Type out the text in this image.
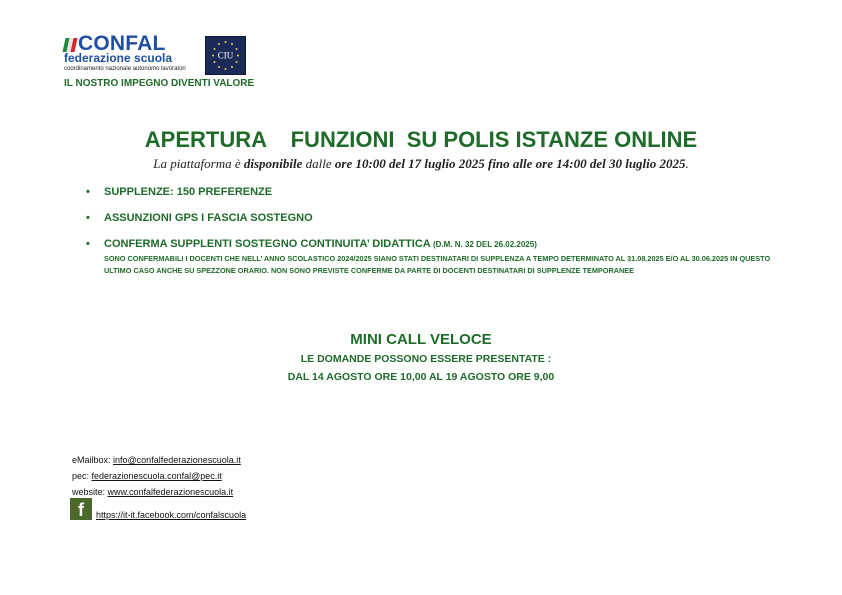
CONFAL
federazione scuola
coordinamento nazionale autonomo lavoratori
CIU
IL NOSTRO IMPEGNO DIVENTI VALORE
APERTURA    FUNZIONI  SU POLIS ISTANZE ONLINE
La piattaforma è disponibile dalle ore 10:00 del 17 luglio 2025 fino alle ore 14:00 del 30 luglio 2025.
• SUPPLENZE: 150 PREFERENZE
• ASSUNZIONI GPS I FASCIA SOSTEGNO
• CONFERMA SUPPLENTI SOSTEGNO CONTINUITA’ DIDATTICA (D.M. N. 32 DEL 26.02.2025)
SONO CONFERMABILI I DOCENTI CHE NELL’ ANNO SCOLASTICO 2024/2025 SIANO STATI DESTINATARI DI SUPPLENZA A TEMPO DETERMINATO AL 31.08.2025 E/O AL 30.06.2025 IN QUESTO ULTIMO CASO ANCHE SU SPEZZONE ORARIO. NON SONO PREVISTE CONFERME DA PARTE DI DOCENTI DESTINATARI DI SUPPLENZE TEMPORANEE
MINI CALL VELOCE
LE DOMANDE POSSONO ESSERE PRESENTATE :
DAL 14 AGOSTO ORE 10,00 AL 19 AGOSTO ORE 9,00
eMailbox: info@confalfederazionescuola.it
pec: federazionescuola.confal@pec.it
website: www.confalfederazionescuola.it
f	https://it-it.facebook.com/confalscuola
